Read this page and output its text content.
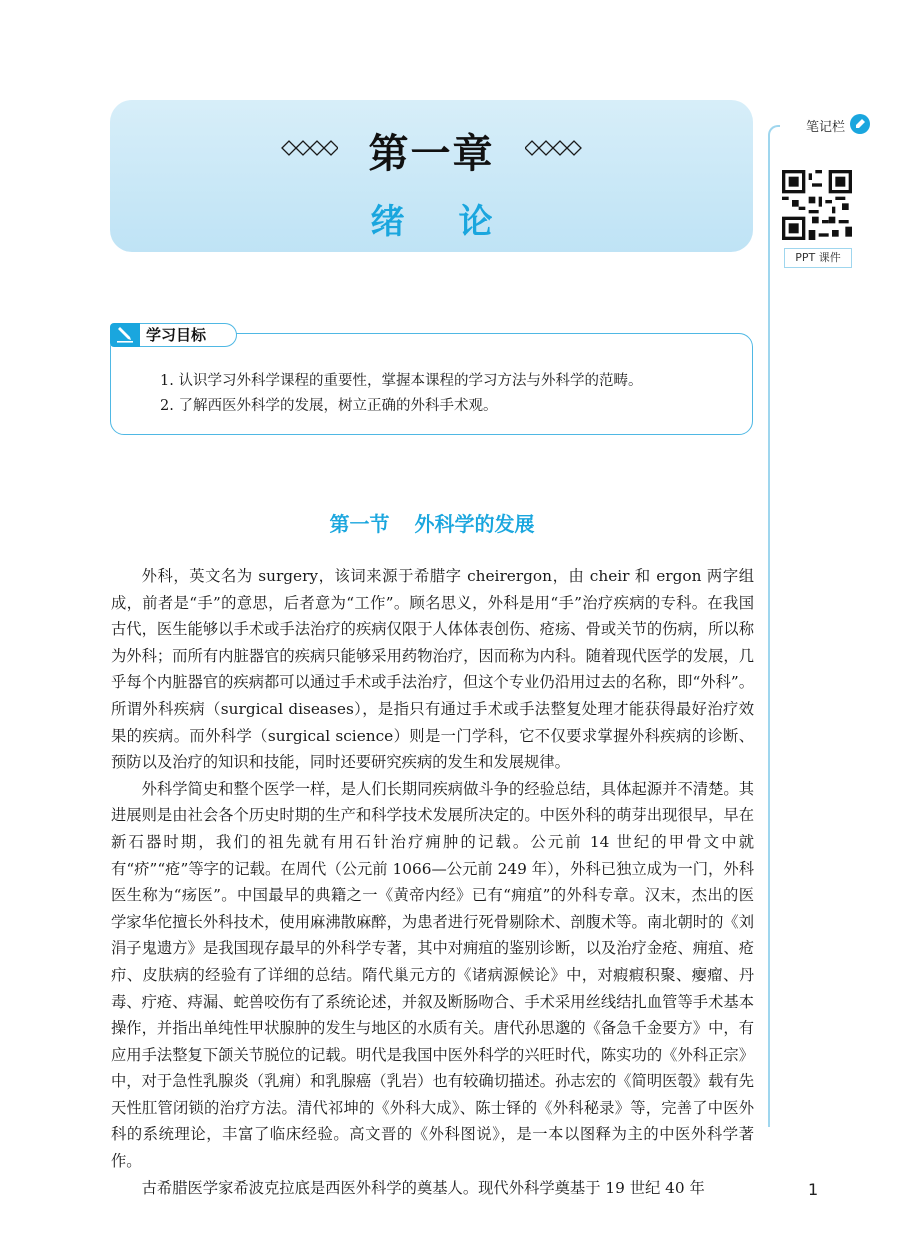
第一章
绪论
笔记栏
PPT 课件
学习目标
1. 认识学习外科学课程的重要性，掌握本课程的学习方法与外科学的范畴。
2. 了解西医外科学的发展，树立正确的外科手术观。
第一节 外科学的发展

外科，英文名为 surgery，该词来源于希腊字 cheirergon，由 cheir 和 ergon 两字组成，前者是“手”的意思，后者意为“工作”。顾名思义，外科是用“手”治疗疾病的专科。在我国古代，医生能够以手术或手法治疗的疾病仅限于人体体表创伤、疮疡、骨或关节的伤病，所以称为外科；而所有内脏器官的疾病只能够采用药物治疗，因而称为内科。随着现代医学的发展，几乎每个内脏器官的疾病都可以通过手术或手法治疗，但这个专业仍沿用过去的名称，即“外科”。所谓外科疾病（surgical diseases），是指只有通过手术或手法整复处理才能获得最好治疗效果的疾病。而外科学（surgical science）则是一门学科，它不仅要求掌握外科疾病的诊断、预防以及治疗的知识和技能，同时还要研究疾病的发生和发展规律。

外科学简史和整个医学一样，是人们长期同疾病做斗争的经验总结，具体起源并不清楚。其进展则是由社会各个历史时期的生产和科学技术发展所决定的。中医外科的萌芽出现很早，早在新石器时期，我们的祖先就有用石针治疗痈肿的记载。公元前 14 世纪的甲骨文中就有“疥”“疮”等字的记载。在周代（公元前 1066—公元前 249 年），外科已独立成为一门，外科医生称为“疡医”。中国最早的典籍之一《黄帝内经》已有“痈疽”的外科专章。汉末，杰出的医学家华佗擅长外科技术，使用麻沸散麻醉，为患者进行死骨剔除术、剖腹术等。南北朝时的《刘涓子鬼遗方》是我国现存最早的外科学专著，其中对痈疽的鉴别诊断，以及治疗金疮、痈疽、疮疖、皮肤病的经验有了详细的总结。隋代巢元方的《诸病源候论》中，对瘕瘕积聚、瘿瘤、丹毒、疔疮、痔漏、蛇兽咬伤有了系统论述，并叙及断肠吻合、手术采用丝线结扎血管等手术基本操作，并指出单纯性甲状腺肿的发生与地区的水质有关。唐代孙思邈的《备急千金要方》中，有应用手法整复下颌关节脱位的记载。明代是我国中医外科学的兴旺时代，陈实功的《外科正宗》中，对于急性乳腺炎（乳痈）和乳腺癌（乳岩）也有较确切描述。孙志宏的《简明医彀》载有先天性肛管闭锁的治疗方法。清代祁坤的《外科大成》、陈士铎的《外科秘录》等，完善了中医外科的系统理论，丰富了临床经验。高文晋的《外科图说》，是一本以图释为主的中医外科学著作。

古希腊医学家希波克拉底是西医外科学的奠基人。现代外科学奠基于 19 世纪 40 年	1
